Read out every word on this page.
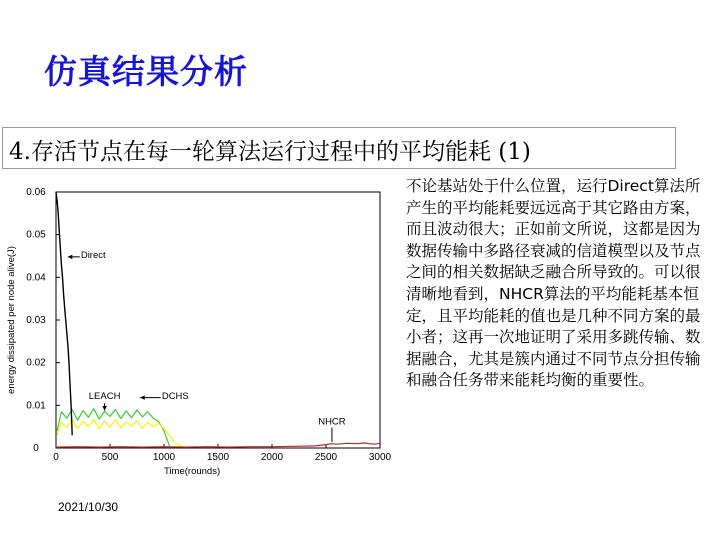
仿真结果分析
4.存活节点在每一轮算法运行过程中的平均能耗 (1)
0
0.01
0.02
0.03
0.04
0.05
0.06
0	500	1000	1500	2000	2500	3000
Direct
LEACH	DCHS
NHCR
Time(rounds)
energy dissipated per node alive(J)
不论基站处于什么位置，运行Direct算法所产生的平均能耗要远远高于其它路由方案，而且波动很大；正如前文所说，这都是因为数据传输中多路径衰减的信道模型以及节点之间的相关数据缺乏融合所导致的。可以很清晰地看到，NHCR算法的平均能耗基本恒定，且平均能耗的值也是几种不同方案的最小者；这再一次地证明了采用多跳传输、数据融合，尤其是簇内通过不同节点分担传输和融合任务带来能耗均衡的重要性。
2021/10/30
